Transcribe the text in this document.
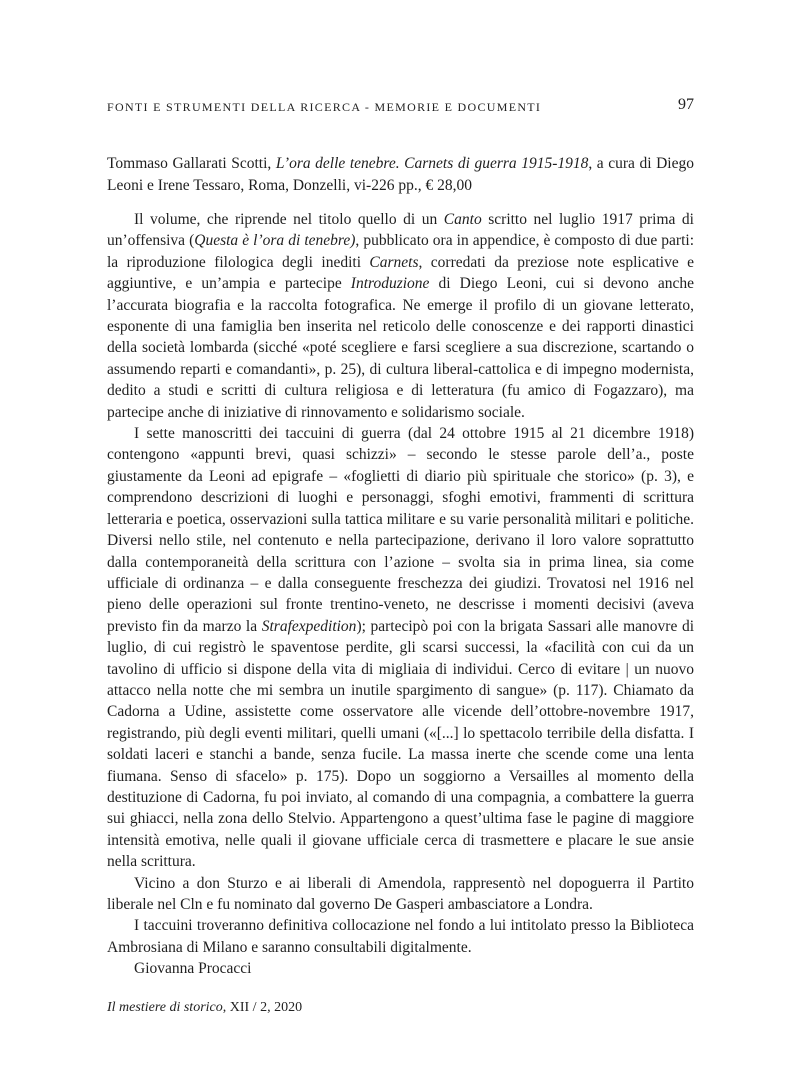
FONTI E STRUMENTI DELLA RICERCA - MEMORIE E DOCUMENTI	97
Tommaso Gallarati Scotti, L’ora delle tenebre. Carnets di guerra 1915-1918, a cura di Diego Leoni e Irene Tessaro, Roma, Donzelli, vi-226 pp., € 28,00

Il volume, che riprende nel titolo quello di un Canto scritto nel luglio 1917 prima di un’offensiva (Questa è l’ora di tenebre), pubblicato ora in appendice, è composto di due parti: la riproduzione filologica degli inediti Carnets, corredati da preziose note esplicative e aggiuntive, e un’ampia e partecipe Introduzione di Diego Leoni, cui si devono anche l’accurata biografia e la raccolta fotografica. Ne emerge il profilo di un giovane letterato, esponente di una famiglia ben inserita nel reticolo delle conoscenze e dei rapporti dinastici della società lombarda (sicché «poté scegliere e farsi scegliere a sua discrezione, scartando o assumendo reparti e comandanti», p. 25), di cultura liberal-cattolica e di impegno modernista, dedito a studi e scritti di cultura religiosa e di letteratura (fu amico di Fogazzaro), ma partecipe anche di iniziative di rinnovamento e solidarismo sociale.

I sette manoscritti dei taccuini di guerra (dal 24 ottobre 1915 al 21 dicembre 1918) contengono «appunti brevi, quasi schizzi» – secondo le stesse parole dell’a., poste giustamente da Leoni ad epigrafe – «foglietti di diario più spirituale che storico» (p. 3), e comprendono descrizioni di luoghi e personaggi, sfoghi emotivi, frammenti di scrittura letteraria e poetica, osservazioni sulla tattica militare e su varie personalità militari e politiche. Diversi nello stile, nel contenuto e nella partecipazione, derivano il loro valore soprattutto dalla contemporaneità della scrittura con l’azione – svolta sia in prima linea, sia come ufficiale di ordinanza – e dalla conseguente freschezza dei giudizi. Trovatosi nel 1916 nel pieno delle operazioni sul fronte trentino-veneto, ne descrisse i momenti decisivi (aveva previsto fin da marzo la Strafexpedition); partecipò poi con la brigata Sassari alle manovre di luglio, di cui registrò le spaventose perdite, gli scarsi successi, la «facilità con cui da un tavolino di ufficio si dispone della vita di migliaia di individui. Cerco di evitare | un nuovo attacco nella notte che mi sembra un inutile spargimento di sangue» (p. 117). Chiamato da Cadorna a Udine, assistette come osservatore alle vicende dell’ottobre-novembre 1917, registrando, più degli eventi militari, quelli umani («[...] lo spettacolo terribile della disfatta. I soldati laceri e stanchi a bande, senza fucile. La massa inerte che scende come una lenta fiumana. Senso di sfacelo» p. 175). Dopo un soggiorno a Versailles al momento della destituzione di Cadorna, fu poi inviato, al comando di una compagnia, a combattere la guerra sui ghiacci, nella zona dello Stelvio. Appartengono a quest’ultima fase le pagine di maggiore intensità emotiva, nelle quali il giovane ufficiale cerca di trasmettere e placare le sue ansie nella scrittura.

Vicino a don Sturzo e ai liberali di Amendola, rappresentò nel dopoguerra il Partito liberale nel Cln e fu nominato dal governo De Gasperi ambasciatore a Londra.

I taccuini troveranno definitiva collocazione nel fondo a lui intitolato presso la Biblioteca Ambrosiana di Milano e saranno consultabili digitalmente.

Giovanna Procacci

Il mestiere di storico, XII / 2, 2020
